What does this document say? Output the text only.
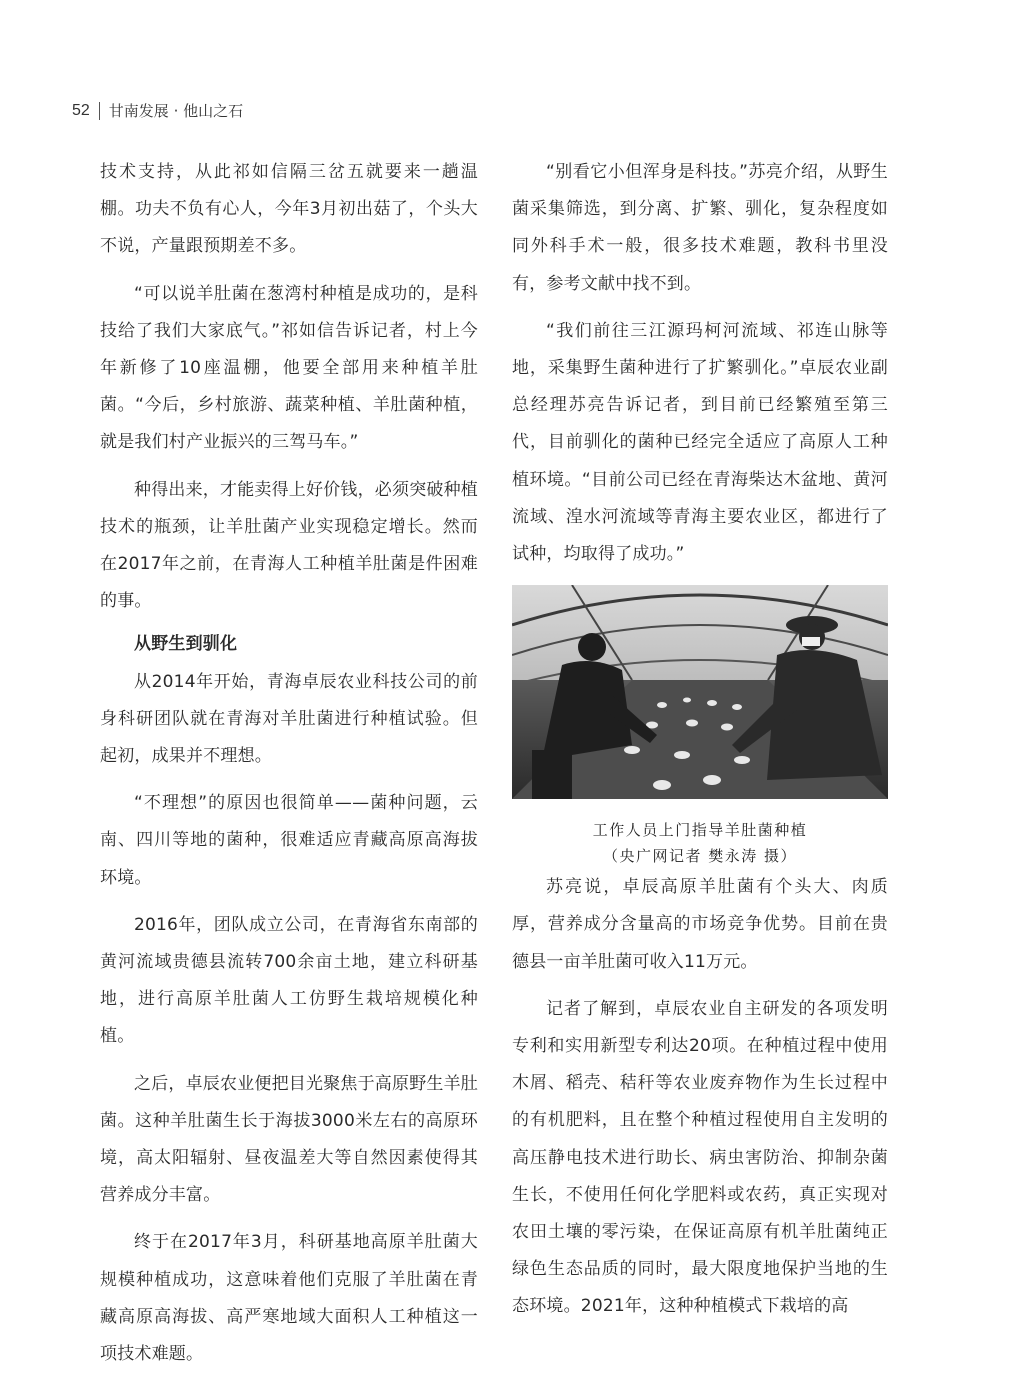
52 甘南发展 · 他山之石

技术支持，从此祁如信隔三岔五就要来一趟温棚。功夫不负有心人，今年3月初出菇了，个头大不说，产量跟预期差不多。

“可以说羊肚菌在葱湾村种植是成功的，是科技给了我们大家底气。”祁如信告诉记者，村上今年新修了10座温棚，他要全部用来种植羊肚菌。“今后，乡村旅游、蔬菜种植、羊肚菌种植，就是我们村产业振兴的三驾马车。”

种得出来，才能卖得上好价钱，必须突破种植技术的瓶颈，让羊肚菌产业实现稳定增长。然而在2017年之前，在青海人工种植羊肚菌是件困难的事。

从野生到驯化

从2014年开始，青海卓辰农业科技公司的前身科研团队就在青海对羊肚菌进行种植试验。但起初，成果并不理想。

“不理想”的原因也很简单——菌种问题，云南、四川等地的菌种，很难适应青藏高原高海拔环境。

2016年，团队成立公司，在青海省东南部的黄河流域贵德县流转700余亩土地，建立科研基地，进行高原羊肚菌人工仿野生栽培规模化种植。

之后，卓辰农业便把目光聚焦于高原野生羊肚菌。这种羊肚菌生长于海拔3000米左右的高原环境，高太阳辐射、昼夜温差大等自然因素使得其营养成分丰富。

终于在2017年3月，科研基地高原羊肚菌大规模种植成功，这意味着他们克服了羊肚菌在青藏高原高海拔、高严寒地域大面积人工种植这一项技术难题。

“别看它小但浑身是科技。”苏亮介绍，从野生菌采集筛选，到分离、扩繁、驯化，复杂程度如同外科手术一般，很多技术难题，教科书里没有，参考文献中找不到。

“我们前往三江源玛柯河流域、祁连山脉等地，采集野生菌种进行了扩繁驯化。”卓辰农业副总经理苏亮告诉记者，到目前已经繁殖至第三代，目前驯化的菌种已经完全适应了高原人工种植环境。“目前公司已经在青海柴达木盆地、黄河流域、湟水河流域等青海主要农业区，都进行了试种，均取得了成功。”

工作人员上门指导羊肚菌种植
（央广网记者 樊永涛 摄）

苏亮说，卓辰高原羊肚菌有个头大、肉质厚，营养成分含量高的市场竞争优势。目前在贵德县一亩羊肚菌可收入11万元。

记者了解到，卓辰农业自主研发的各项发明专利和实用新型专利达20项。在种植过程中使用木屑、稻壳、秸秆等农业废弃物作为生长过程中的有机肥料，且在整个种植过程使用自主发明的高压静电技术进行助长、病虫害防治、抑制杂菌生长，不使用任何化学肥料或农药，真正实现对农田土壤的零污染，在保证高原有机羊肚菌纯正绿色生态品质的同时，最大限度地保护当地的生态环境。2021年，这种种植模式下栽培的高
